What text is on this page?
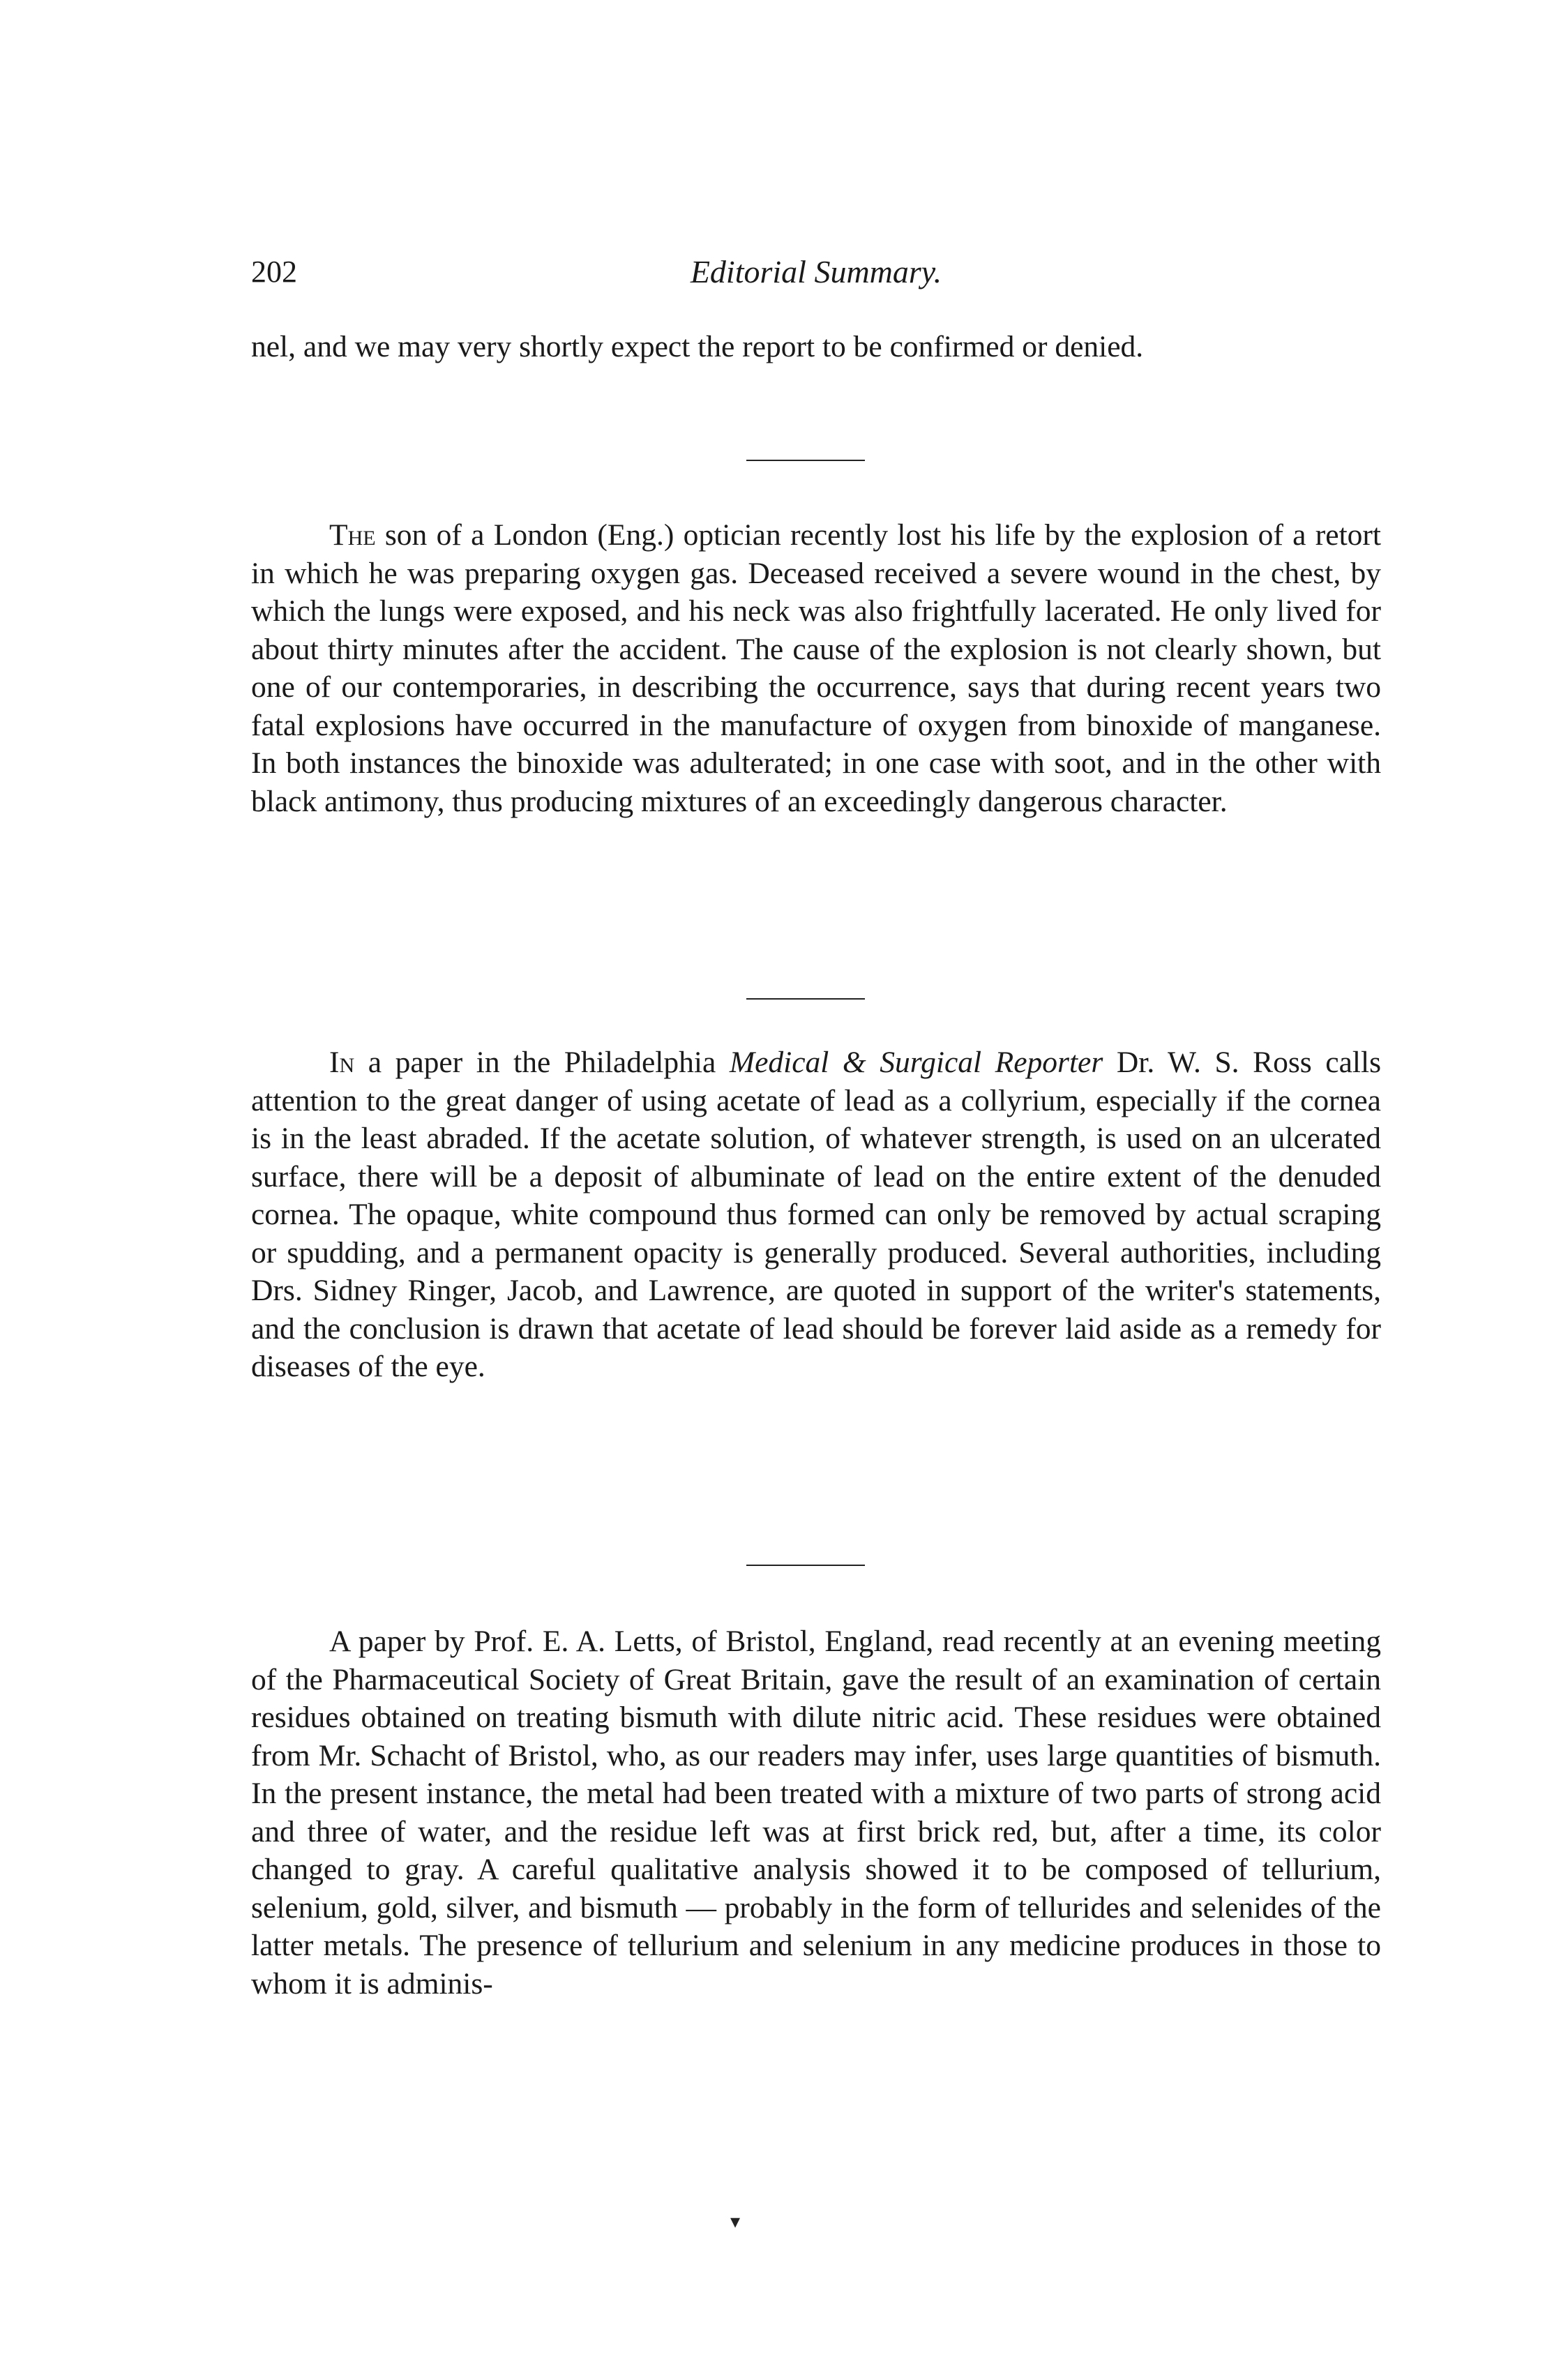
202	Editorial Summary.

nel, and we may very shortly expect the report to be confirmed or denied.

The son of a London (Eng.) optician recently lost his life by the explosion of a retort in which he was preparing oxygen gas. Deceased received a severe wound in the chest, by which the lungs were exposed, and his neck was also frightfully lacerated. He only lived for about thirty minutes after the accident. The cause of the explosion is not clearly shown, but one of our contemporaries, in describing the occurrence, says that during recent years two fatal explosions have occurred in the manufacture of oxygen from binoxide of manganese. In both instances the binoxide was adulterated; in one case with soot, and in the other with black antimony, thus producing mixtures of an exceedingly dangerous character.

In a paper in the Philadelphia Medical & Surgical Reporter Dr. W. S. Ross calls attention to the great danger of using acetate of lead as a collyrium, especially if the cornea is in the least abraded. If the acetate solution, of whatever strength, is used on an ulcerated surface, there will be a deposit of albuminate of lead on the entire extent of the denuded cornea. The opaque, white compound thus formed can only be removed by actual scraping or spudding, and a permanent opacity is generally produced. Several authorities, including Drs. Sidney Ringer, Jacob, and Lawrence, are quoted in support of the writer's statements, and the conclusion is drawn that acetate of lead should be forever laid aside as a remedy for diseases of the eye.

A paper by Prof. E. A. Letts, of Bristol, England, read recently at an evening meeting of the Pharmaceutical Society of Great Britain, gave the result of an examination of certain residues obtained on treating bismuth with dilute nitric acid. These residues were obtained from Mr. Schacht of Bristol, who, as our readers may infer, uses large quantities of bismuth. In the present instance, the metal had been treated with a mixture of two parts of strong acid and three of water, and the residue left was at first brick red, but, after a time, its color changed to gray. A careful qualitative analysis showed it to be composed of tellurium, selenium, gold, silver, and bismuth — probably in the form of tellurides and selenides of the latter metals. The presence of tellurium and selenium in any medicine produces in those to whom it is adminis-

▾
